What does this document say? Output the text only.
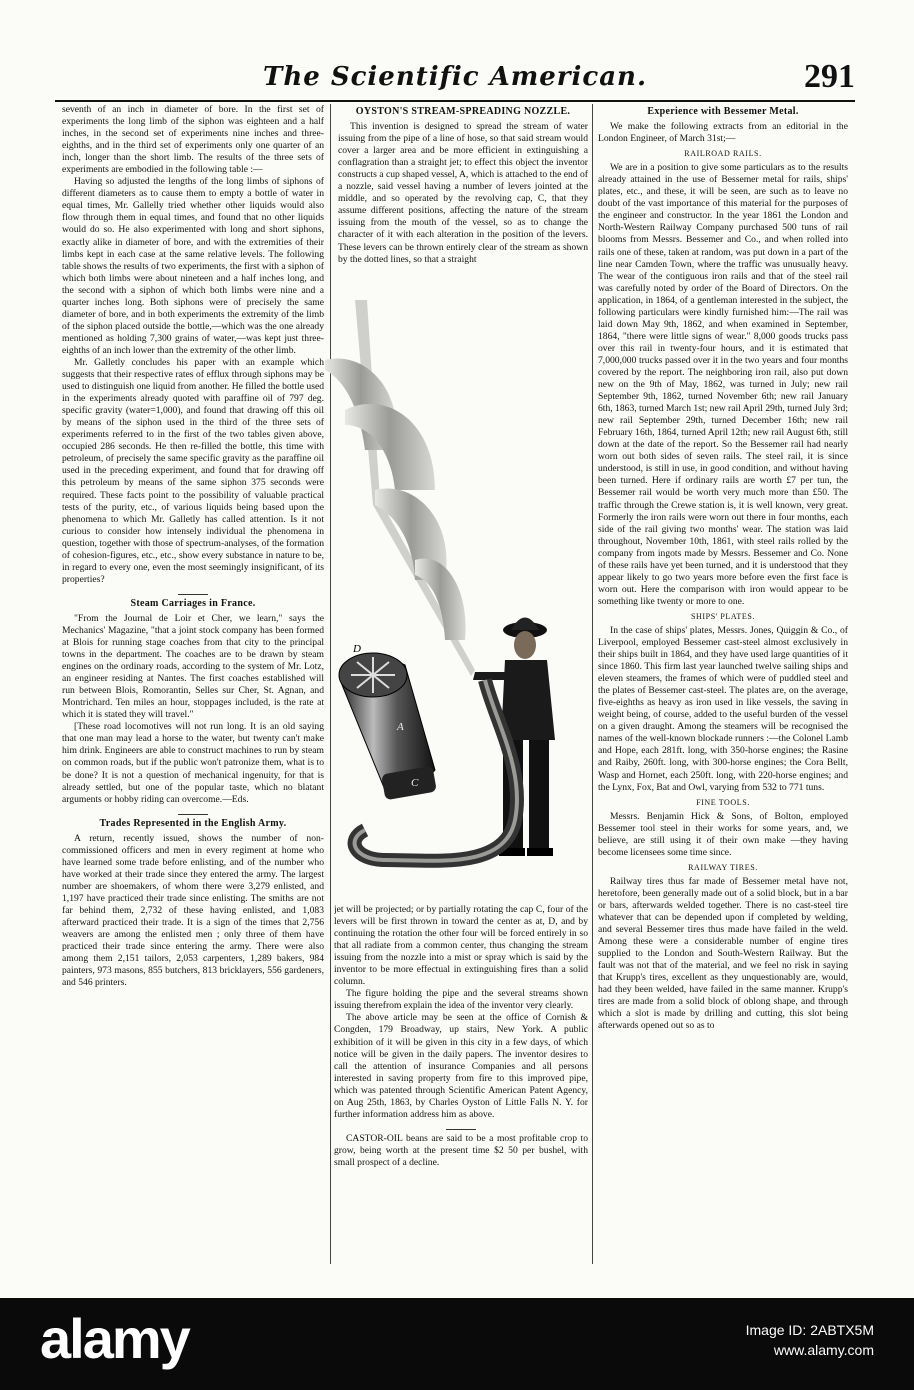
The Scientific American.	291

seventh of an inch in diameter of bore. In the first set of experiments the long limb of the siphon was eighteen and a half inches, in the second set of experiments nine inches and three-eighths, and in the third set of experiments only one quarter of an inch, longer than the short limb. The results of the three sets of experiments are embodied in the following table :—

Having so adjusted the lengths of the long limbs of siphons of different diameters as to cause them to empty a bottle of water in equal times, Mr. Gallelly tried whether other liquids would also flow through them in equal times, and found that no other liquids would do so. He also experimented with long and short siphons, exactly alike in diameter of bore, and with the extremities of their limbs kept in each case at the same relative levels. The following table shows the results of two experiments, the first with a siphon of which both limbs were about nineteen and a half inches long, and the second with a siphon of which both limbs were nine and a quarter inches long. Both siphons were of precisely the same diameter of bore, and in both experiments the extremity of the limb of the siphon placed outside the bottle,—which was the one already mentioned as holding 7,300 grains of water,—was kept just three-eighths of an inch lower than the extremity of the other limb.

Mr. Galletly concludes his paper with an example which suggests that their respective rates of efflux through siphons may be used to distinguish one liquid from another. He filled the bottle used in the experiments already quoted with paraffine oil of 797 deg. specific gravity (water=1,000), and found that drawing off this oil by means of the siphon used in the third of the three sets of experiments referred to in the first of the two tables given above, occupied 286 seconds. He then re-filled the bottle, this time with petroleum, of precisely the same specific gravity as the paraffine oil used in the preceding experiment, and found that for drawing off this petroleum by means of the same siphon 375 seconds were required. These facts point to the possibility of valuable practical tests of the purity, etc., of various liquids being based upon the phenomena to which Mr. Galletly has called attention. Is it not curious to consider how intensely individual the phenomena in question, together with those of spectrum-analyses, of the formation of cohesion-figures, etc., etc., show every substance in nature to be, in regard to every one, even the most seemingly insignificant, of its properties?

Steam Carriages in France.

"From the Journal de Loir et Cher, we learn," says the Mechanics' Magazine, "that a joint stock company has been formed at Blois for running stage coaches from that city to the principal towns in the department. The coaches are to be drawn by steam engines on the ordinary roads, according to the system of Mr. Lotz, an engineer residing at Nantes. The first coaches established will run between Blois, Romorantin, Selles sur Cher, St. Agnan, and Montrichard. Ten miles an hour, stoppages included, is the rate at which it is stated they will travel."

[These road locomotives will not run long. It is an old saying that one man may lead a horse to the water, but twenty can't make him drink. Engineers are able to construct machines to run by steam on common roads, but if the public won't patronize them, what is to be done? It is not a question of mechanical ingenuity, for that is already settled, but one of the popular taste, which no blatant arguments or hobby riding can overcome.—Eds.

Trades Represented in the English Army.

A return, recently issued, shows the number of non-commissioned officers and men in every regiment at home who have learned some trade before enlisting, and of the number who have worked at their trade since they entered the army. The largest number are shoemakers, of whom there were 3,279 enlisted, and 1,197 have practiced their trade since enlisting. The smiths are not far behind them, 2,732 of these having enlisted, and 1,083 afterward practiced their trade. It is a sign of the times that 2,756 weavers are among the enlisted men ; only three of them have practiced their trade since entering the army. There were also among them 2,151 tailors, 2,053 carpenters, 1,289 bakers, 984 painters, 973 masons, 855 butchers, 813 bricklayers, 556 gardeners, and 546 printers.

OYSTON'S STREAM-SPREADING NOZZLE.

This invention is designed to spread the stream of water issuing from the pipe of a line of hose, so that said stream would cover a larger area and be more efficient in extinguishing a conflagration than a straight jet; to effect this object the inventor constructs a cup shaped vessel, A, which is attached to the end of a nozzle, said vessel having a number of levers jointed at the middle, and so operated by the revolving cap, C, that they assume different positions, affecting the nature of the stream issuing from the mouth of the vessel, so as to change the character of it with each alteration in the position of the levers. These levers can be thrown entirely clear of the stream as shown by the dotted lines, so that a straight

D
A
C

jet will be projected; or by partially rotating the cap C, four of the levers will be first thrown in toward the center as at, D, and by continuing the rotation the other four will be forced entirely in so that all radiate from a common center, thus changing the stream issuing from the nozzle into a mist or spray which is said by the inventor to be more effectual in extinguishing fires than a solid column.

The figure holding the pipe and the several streams shown issuing therefrom explain the idea of the inventor very clearly.

The above article may be seen at the office of Cornish & Congden, 179 Broadway, up stairs, New York. A public exhibition of it will be given in this city in a few days, of which notice will be given in the daily papers. The inventor desires to call the attention of insurance Companies and all persons interested in saving property from fire to this improved pipe, which was patented through Scientific American Patent Agency, on Aug 25th, 1863, by Charles Oyston of Little Falls N. Y. for further information address him as above.

CASTOR-OIL beans are said to be a most profitable crop to grow, being worth at the present time $2 50 per bushel, with small prospect of a decline.

Experience with Bessemer Metal.

We make the following extracts from an editorial in the London Engineer, of March 31st;—

RAILROAD RAILS.

We are in a position to give some particulars as to the results already attained in the use of Bessemer metal for rails, ships' plates, etc., and these, it will be seen, are such as to leave no doubt of the vast importance of this material for the purposes of the engineer and constructor. In the year 1861 the London and North-Western Railway Company purchased 500 tuns of rail blooms from Messrs. Bessemer and Co., and when rolled into rails one of these, taken at random, was put down in a part of the line near Camden Town, where the traffic was unusually heavy. The wear of the contiguous iron rails and that of the steel rail was carefully noted by order of the Board of Directors. On the application, in 1864, of a gentleman interested in the subject, the following particulars were kindly furnished him:—The rail was laid down May 9th, 1862, and when examined in September, 1864, "there were little signs of wear." 8,000 goods trucks pass over this rail in twenty-four hours, and it is estimated that 7,000,000 trucks passed over it in the two years and four months covered by the report. The neighboring iron rail, also put down new on the 9th of May, 1862, was turned in July; new rail September 9th, 1862, turned November 6th; new rail January 6th, 1863, turned March 1st; new rail April 29th, turned July 3rd; new rail September 29th, turned December 16th; new rail February 16th, 1864, turned April 12th; new rail August 6th, still down at the date of the report. So the Bessemer rail had nearly worn out both sides of seven rails. The steel rail, it is since understood, is still in use, in good condition, and without having been turned. Here if ordinary rails are worth £7 per tun, the Bessemer rail would be worth very much more than £50. The traffic through the Crewe station is, it is well known, very great. Formerly the iron rails were worn out there in four months, each side of the rail giving two months' wear. The station was laid throughout, November 10th, 1861, with steel rails rolled by the company from ingots made by Messrs. Bessemer and Co. None of these rails have yet been turned, and it is understood that they appear likely to go two years more before even the first face is worn out. Here the comparison with iron would appear to be something like twenty or more to one.

SHIPS' PLATES.

In the case of ships' plates, Messrs. Jones, Quiggin & Co., of Liverpool, employed Bessemer cast-steel almost exclusively in their ships built in 1864, and they have used large quantities of it since 1860. This firm last year launched twelve sailing ships and eleven steamers, the frames of which were of puddled steel and the plates of Bessemer cast-steel. The plates are, on the average, five-eighths as heavy as iron used in like vessels, the saving in weight being, of course, added to the useful burden of the vessel on a given draught. Among the steamers will be recognised the names of the well-known blockade runners :—the Colonel Lamb and Hope, each 281ft. long, with 350-horse engines; the Rasine and Raiby, 260ft. long, with 300-horse engines; the Cora Bellt, Wasp and Hornet, each 250ft. long, with 220-horse engines; and the Lynx, Fox, Bat and Owl, varying from 532 to 771 tuns.

FINE TOOLS.

Messrs. Benjamin Hick & Sons, of Bolton, employed Bessemer tool steel in their works for some years, and, we believe, are still using it of their own make —they having become licensees some time since.

RAILWAY TIRES.

Railway tires thus far made of Bessemer metal have not, heretofore, been generally made out of a solid block, but in a bar or bars, afterwards welded together. There is no cast-steel tire whatever that can be depended upon if completed by welding, and several Bessemer tires thus made have failed in the weld. Among these were a considerable number of engine tires supplied to the London and South-Western Railway. But the fault was not that of the material, and we feel no risk in saying that Krupp's tires, excellent as they unquestionably are, would, had they been welded, have failed in the same manner. Krupp's tires are made from a solid block of oblong shape, and through which a slot is made by drilling and cutting, this slot being afterwards opened out so as to

alamy	Image ID: 2ABTX5M
www.alamy.com
